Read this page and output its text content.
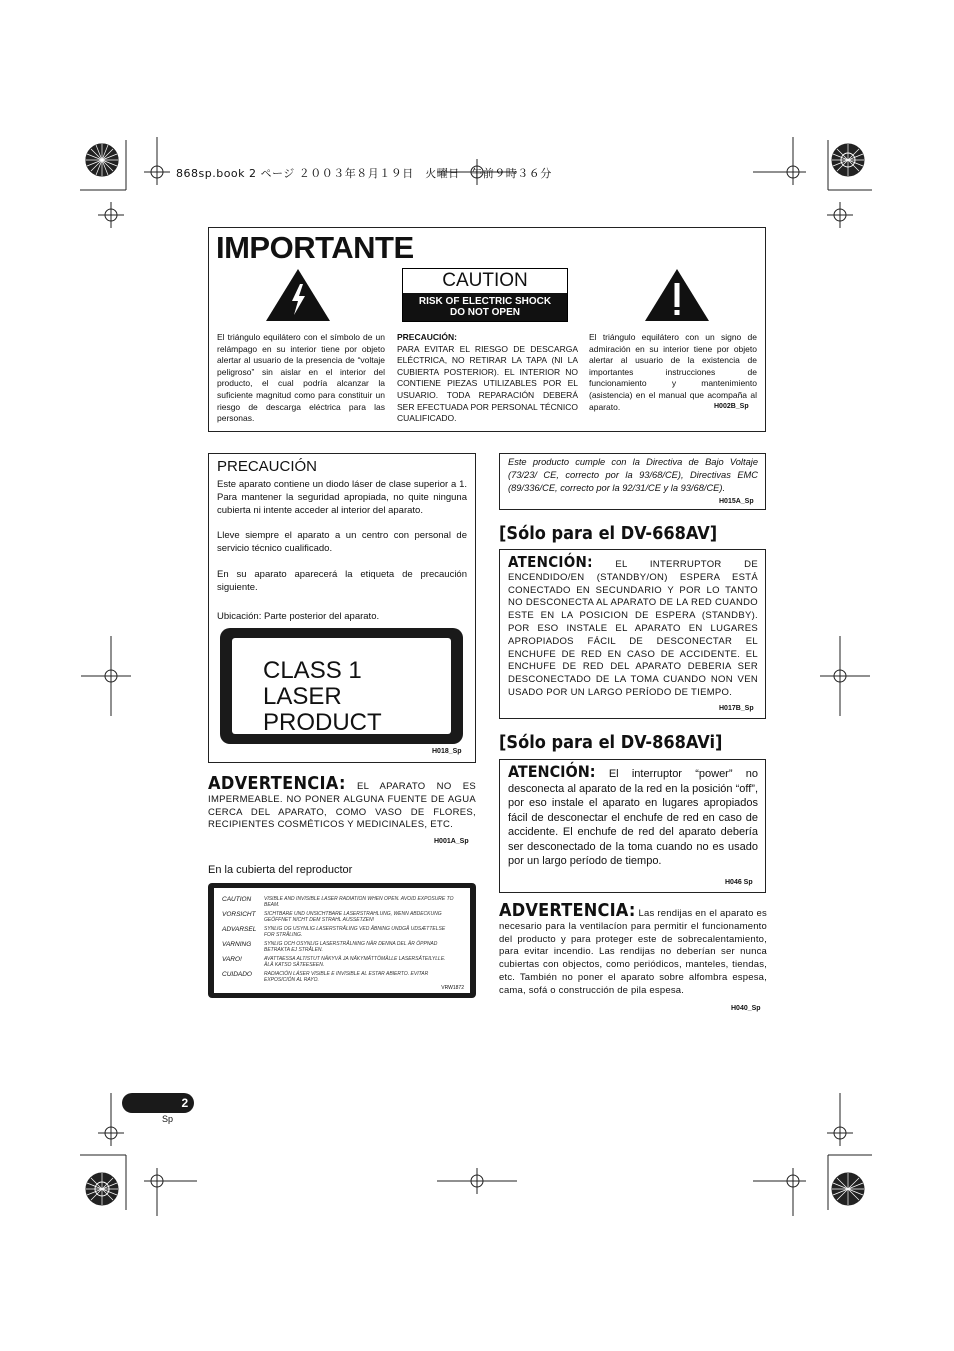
868sp.book 2 ページ ２００３年８月１９日　火曜日　午前９時３６分
IMPORTANTE
CAUTION
RISK OF ELECTRIC SHOCK
DO NOT OPEN
El triángulo equilátero con el símbolo de un relámpago en su interior tiene por objeto alertar al usuario de la presencia de “voltaje peligroso” sin aislar en el interior del producto, el cual podría alcanzar la suficiente magnitud como para constituir un riesgo de descarga eléctrica para las personas.
PRECAUCIÓN:
PARA EVITAR EL RIESGO DE DESCARGA ELÉCTRICA, NO RETIRAR LA TAPA (NI LA CUBIERTA POSTERIOR). EL INTERIOR NO CONTIENE PIEZAS UTILIZABLES POR EL USUARIO. TODA REPARACIÓN DEBERÁ SER EFECTUADA POR PERSONAL TÉCNICO CUALIFICADO.
El triángulo equilátero con un signo de admiración en su interior tiene por objeto alertar al usuario de la existencia de importantes instrucciones de funcionamiento y mantenimiento (asistencia) en el manual que acompaña al aparato.	H002B_Sp
PRECAUCIÓN
Este aparato contiene un diodo láser de clase superior a 1. Para mantener la seguridad apropiada, no quite ninguna cubierta ni intente acceder al interior del aparato.
Lleve siempre el aparato a un centro con personal de servicio técnico cualificado.
En su aparato aparecerá la etiqueta de precaución siguiente.
Ubicación: Parte posterior del aparato.
CLASS 1
LASER PRODUCT
H018_Sp
ADVERTENCIA: EL APARATO NO ES IMPERMEABLE. NO PONER ALGUNA FUENTE DE AGUA CERCA DEL APARATO, COMO VASO DE FLORES, RECIPIENTES COSMÉTICOS Y MEDICINALES, ETC.
H001A_Sp
En la cubierta del reproductor
CAUTION	VISIBLE AND INVISIBLE LASER RADIATION WHEN OPEN. AVOID EXPOSURE TO BEAM.
VORSICHT SICHTBARE UND UNSICHTBARE LASERSTRAHLUNG, WENN ABDECKUNG GEÖFFNET NICHT DEM STRAHL AUSSETZEN!
ADVARSEL SYNLIG OG USYNLIG LASERSTRÅLING VED ÅBNING UNDGÅ UDSÆTTELSE FOR STRÅLING.
VARNING	SYNLIG OCH OSYNLIG LASERSTRÅLNING NÄR DENNA DEL ÄR ÖPPNAD BETRAKTA EJ STRÅLEN.
VARO!	AVATTAESSA ALTISTUT NÄKYVÄ JA NÄKYMÄTTÖMÄLLE LASERSÄTEILYLLE. ÄLÄ KATSO SÄTEESEEN.
CUIDADO RADIACIÓN LÁSER VISIBLE E INVISIBLE AL ESTAR ABIERTO. EVITAR EXPOSICIÓN AL RAYO.
VRW1872
Este producto cumple con la Directiva de Bajo Voltaje (73/23/ CE, correcto por la 93/68/CE), Directivas EMC (89/336/CE, correcto por la 92/31/CE y la 93/68/CE).
H015A_Sp
[Sólo para el DV-668AV]
ATENCIÓN: EL INTERRUPTOR DE ENCENDIDO/EN (STANDBY/ON) ESPERA ESTÁ CONECTADO EN SECUNDARIO Y POR LO TANTO NO DESCONECTA AL APARATO DE LA RED CUANDO ESTE EN LA POSICION DE ESPERA (STANDBY). POR ESO INSTALE EL APARATO EN LUGARES APROPIADOS FÁCIL DE DESCONECTAR EL ENCHUFE DE RED EN CASO DE ACCIDENTE. EL ENCHUFE DE RED DEL APARATO DEBERIA SER DESCONECTADO DE LA TOMA CUANDO NON VEN USADO POR UN LARGO PERÍODO DE TIEMPO.
H017B_Sp
[Sólo para el DV-868AVi]
ATENCIÓN: El interruptor “power” no desconecta al aparato de la red en la posición “off”, por eso instale el aparato en lugares apropiados fácil de desconectar el enchufe de red en caso de accidente. El enchufe de red del aparato debería ser desconectado de la toma cuando no es usado por un largo período de tiempo.
H046 Sp
ADVERTENCIA: Las rendijas en el aparato es necesario para la ventilacíon para permitir el funcionamento del producto y para proteger este de sobrecalentamiento, para evitar incendio. Las rendijas no deberían ser nunca cubiertas con objectos, como periódicos, manteles, tiendas, etc. También no poner el aparato sobre alfombra espesa, cama, sofá o construcción de pila espesa.
H040_Sp
2
Sp
